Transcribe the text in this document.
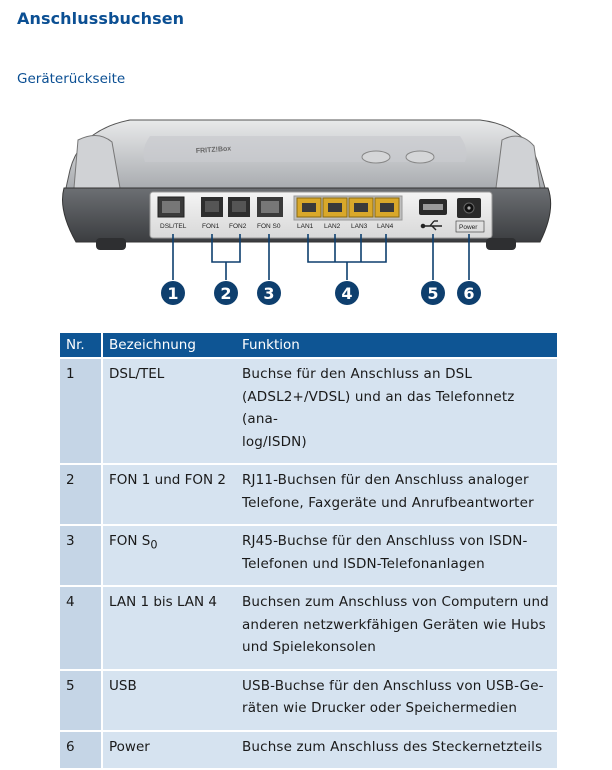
Anschlussbuchsen
Geräterückseite
FRITZ!Box
DSL/TEL FON1 FON2 FON S0	LAN1 LAN2 LAN3 LAN4	Power
1	2 3	4	5 6
Nr.	Bezeichnung	Funktion
1	DSL/TEL	Buchse für den Anschluss an DSL
(ADSL2+/VDSL) und an das Telefonnetz (ana-
log/ISDN)
2	FON 1 und FON 2	RJ11-Buchsen für den Anschluss analoger
Telefone, Faxgeräte und Anrufbeantworter
3	FON $S_0$	RJ45-Buchse für den Anschluss von ISDN-
Telefonen und ISDN-Telefonanlagen
4	LAN 1 bis LAN 4	Buchsen zum Anschluss von Computern und
anderen netzwerkfähigen Geräten wie Hubs
und Spielekonsolen
5	USB	USB-Buchse für den Anschluss von USB-Ge-
räten wie Drucker oder Speichermedien
6	Power	Buchse zum Anschluss des Steckernetzteils
